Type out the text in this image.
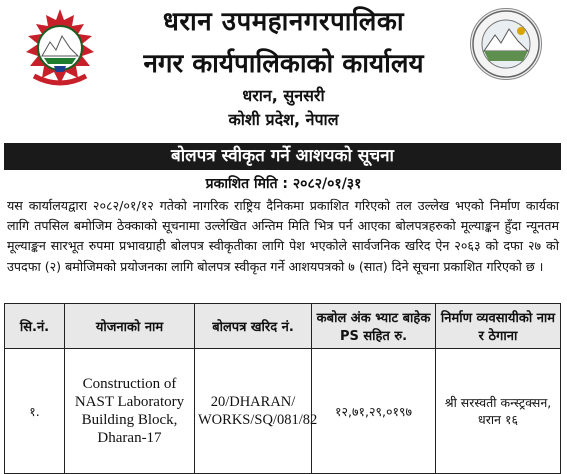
धरान उपमहानगरपालिका
नगर कार्यपालिकाको कार्यालय
धरान, सुनसरी
कोशी प्रदेश, नेपाल
बोलपत्र स्वीकृत गर्ने आशयको सूचना
प्रकाशित मिति : २०८२/०१/३१
यस कार्यालयद्वारा २०८२/०१/१२ गतेको नागरिक राष्ट्रिय दैनिकमा प्रकाशित गरिएको तल उल्लेख भएको निर्माण कार्यका लागि तपसिल बमोजिम ठेक्काको सूचनामा उल्लेखित अन्तिम मिति भित्र पर्न आएका बोलपत्रहरुको मूल्याङ्कन हुँदा न्यूनतम मूल्याङ्कन सारभूत रुपमा प्रभावग्राही बोलपत्र स्वीकृतीका लागि पेश भएकोले सार्वजनिक खरिद ऐन २०६३ को दफा २७ को उपदफा (२) बमोजिमको प्रयोजनका लागि बोलपत्र स्वीकृत गर्ने आशयपत्रको ७ (सात) दिने सूचना प्रकाशित गरिएको छ ।
सि.नं.	योजनाको नाम	बोलपत्र खरिद नं.	कबोल अंक भ्याट बाहेक PS सहित रु.	निर्माण व्यवसायीको नाम र ठेगाना
१.	Construction of NAST Laboratory Building Block, Dharan-17	20/DHARAN/ WORKS/SQ/081/82	१२,७१,२९,०१९७	श्री सरस्वती कन्स्ट्रक्सन, धरान १६
